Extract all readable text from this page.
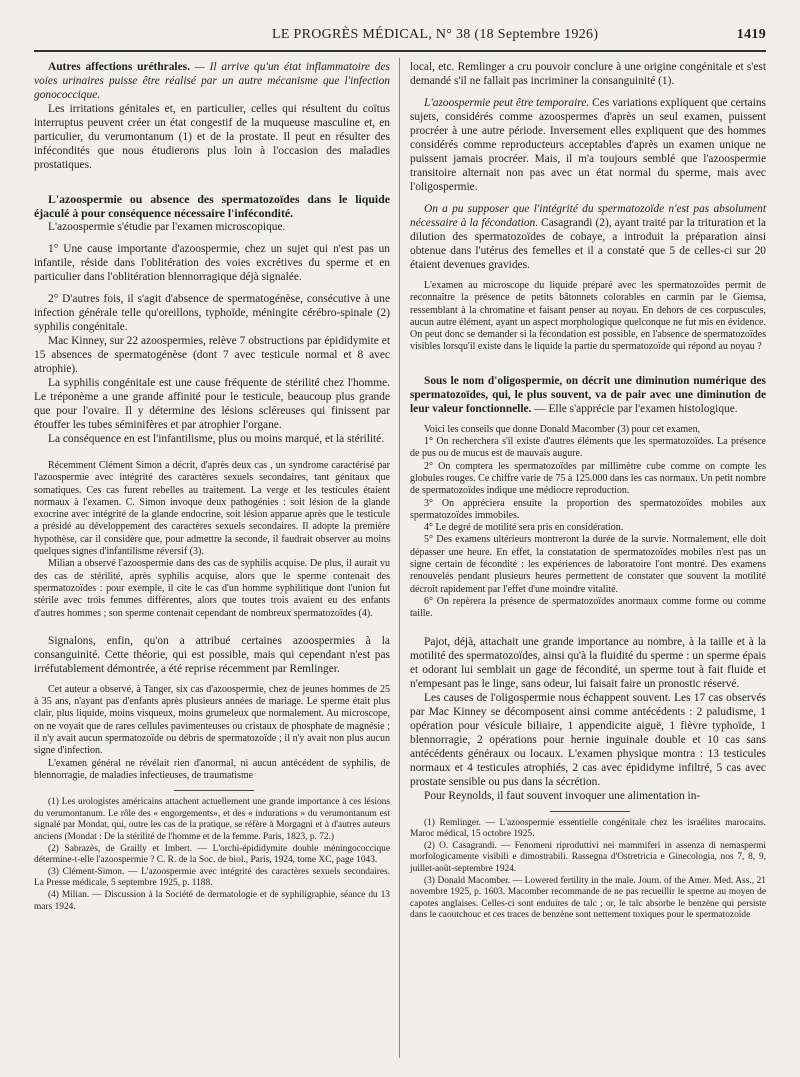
LE PROGRÈS MÉDICAL, N° 38 (18 Septembre 1926)	1419

Autres affections uréthrales. — Il arrive qu'un état inflammatoire des voies urinaires puisse être réalisé par un autre mécanisme que l'infection gonococcique.

Les irritations génitales et, en particulier, celles qui résultent du coïtus interruptus peuvent créer un état congestif de la muqueuse masculine et, en particulier, du verumontanum (1) et de la prostate. Il peut en résulter des infécondités que nous étudierons plus loin à l'occasion des maladies prostatiques.

L'azoospermie ou absence des spermatozoïdes dans le liquide éjaculé à pour conséquence nécessaire l'infécondité.

L'azoospermie s'étudie par l'examen microscopique.

1° Une cause importante d'azoospermie, chez un sujet qui n'est pas un infantile, réside dans l'oblitération des voies excrétives du sperme et en particulier dans l'oblitération blennorragique déjà signalée.

2° D'autres fois, il s'agit d'absence de spermatogénèse, consécutive à une infection générale telle qu'oreillons, typhoïde, méningite cérébro-spinale (2) syphilis congénitale.

Mac Kinney, sur 22 azoospermies, relève 7 obstructions par épididymite et 15 absences de spermatogénèse (dont 7 avec testicule normal et 8 avec atrophie).

La syphilis congénitale est une cause fréquente de stérilité chez l'homme. Le tréponème a une grande affinité pour le testicule, beaucoup plus grande que pour l'ovaire. Il y détermine des lésions scléreuses qui finissent par étouffer les tubes séminifères et par atrophier l'organe.

La conséquence en est l'infantilisme, plus ou moins marqué, et la stérilité.

Récemment Clément Simon a décrit, d'après deux cas , un syndrome caractérisé par l'azoospermie avec intégrité des caractères sexuels secondaires, tant génitaux que somatiques. Ces cas furent rebelles au traitement. La verge et les testicules étaient normaux à l'examen. C. Simon invoque deux pathogénies : soit lésion de la glande exocrine avec intégrité de la glande endocrine, soit lésion apparue après que le testicule a présidé au développement des caractères sexuels secondaires. Il adopte la première hypothèse, car il considère que, pour admettre la seconde, il faudrait observer au moins quelques signes d'infantilisme réversif (3).

Milian a observé l'azoospermie dans des cas de syphilis acquise. De plus, il aurait vu des cas de stérilité, après syphilis acquise, alors que le sperme contenait des spermatozoïdes : pour exemple, il cite le cas d'un homme syphilitique dont l'union fut stérile avec trois femmes différentes, alors que toutes trois avaient eu des enfants d'autres hommes ; son sperme contenait cependant de nombreux spermatozoïdes (4).

Signalons, enfin, qu'on a attribué certaines azoospermies à la consanguinité. Cette théorie, qui est possible, mais qui cependant n'est pas irréfutablement démontrée, a été reprise récemment par Remlinger.

Cet auteur a observé, à Tanger, six cas d'azoospermie, chez de jeunes hommes de 25 à 35 ans, n'ayant pas d'enfants après plusieurs années de mariage. Le sperme était plus clair, plus liquide, moins visqueux, moins grumeleux que normalement. Au microscope, on ne voyait que de rares cellules pavimenteuses ou cristaux de phosphate de magnésie ; il n'y avait aucun spermatozoïde ou débris de spermatozoïde ; il n'y avait non plus aucun signe d'infection.

L'examen général ne révélait rien d'anormal, ni aucun antécédent de syphilis, de blennorragie, de maladies infectieuses, de traumatisme

(1) Les urologistes américains attachent actuellement une grande importance à ces lésions du verumontanum. Le rôle des « engorgements», et des « indurations » du verumontanum est signalé par Mondat, qui, outre les cas de la pratique, se réfère à Morgagni et à d'autres auteurs anciens (Mondat : De la stérilité de l'homme et de la femme. Paris, 1823, p. 72.)

(2) Sabrazès, de Grailly et Imbert. — L'orchi-épididymite double méningococcique détermine-t-elle l'azoospermie ? C. R. de la Soc. de biol., Paris, 1924, tome XC, page 1043.

(3) Clément-Simon. — L'azoospermie avec intégrité des caractères sexuels secondaires. La Presse médicale, 5 septembre 1925, p. 1188.

(4) Milian. — Discussion à la Société de dermatologie et de syphiligraphie, séance du 13 mars 1924.

local, etc. Remlinger a cru pouvoir conclure à une origine congénitale et s'est demandé s'il ne fallait pas incriminer la consanguinité (1).

L'azoospermie peut être temporaire. Ces variations expliquent que certains sujets, considérés comme azoospermes d'après un seul examen, puissent procréer à une autre période. Inversement elles expliquent que des hommes considérés comme reproducteurs acceptables d'après un examen unique ne puissent jamais procréer. Mais, il m'a toujours semblé que l'azoospermie transitoire alternait non pas avec un état normal du sperme, mais avec l'oligospermie.

On a pu supposer que l'intégrité du spermatozoïde n'est pas absolument nécessaire à la fécondation. Casagrandi (2), ayant traité par la trituration et la dilution des spermatozoïdes de cobaye, a introduit la préparation ainsi obtenue dans l'utérus des femelles et il a constaté que 5 de celles-ci sur 20 étaient devenues gravides.

L'examen au microscope du liquide préparé avec les spermatozoïdes permit de reconnaître la présence de petits bâtonnets colorables en carmin par le Giemsa, ressemblant à la chromatine et faisant penser au noyau. En dehors de ces corpuscules, aucun autre élément, ayant un aspect morphologique quelconque ne fut mis en évidence. On peut donc se demander si la fécondation est possible, en l'absence de spermatozoïdes visibles lorsqu'il existe dans le liquide la partie du spermatozoïde qui répond au noyau ?

Sous le nom d'oligospermie, on décrit une diminution numérique des spermatozoïdes, qui, le plus souvent, va de pair avec une diminution de leur valeur fonctionnelle. — Elle s'apprécie par l'examen histologique.

Voici les conseils que donne Donald Macomber (3) pour cet examen,

1° On recherchera s'il existe d'autres éléments que les spermatozoïdes. La présence de pus ou de mucus est de mauvais augure.

2° On comptera les spermatozoïdes par millimètre cube comme on compte les globules rouges. Ce chiffre varie de 75 à 125.000 dans les cas normaux. Un petit nombre de spermatozoïdes indique une médiocre reproduction.

3° On appréciera ensuite la proportion des spermatozoïdes mobiles aux spermatozoïdes immobiles.

4° Le degré de motilité sera pris en considération.

5° Des examens ultérieurs montreront la durée de la survie. Normalement, elle doit dépasser une heure. En effet, la constatation de spermatozoïdes mobiles n'est pas un signe certain de fécondité : les expériences de laboratoire l'ont montré. Des examens renouvelés pendant plusieurs heures permettent de constater que souvent la motilité décroît rapidement par l'effet d'une moindre vitalité.

6° On repèrera la présence de spermatozoïdes anormaux comme forme ou comme taille.

Pajot, déjà, attachait une grande importance au nombre, à la taille et à la motilité des spermatozoïdes, ainsi qu'à la fluidité du sperme : un sperme épais et odorant lui semblait un gage de fécondité, un sperme tout à fait fluide et n'empesant pas le linge, sans odeur, lui faisait faire un pronostic réservé.

Les causes de l'oligospermie nous échappent souvent. Les 17 cas observés par Mac Kinney se décomposent ainsi comme antécédents : 2 paludisme, 1 opération pour vésicule biliaire, 1 appendicite aiguë, 1 fièvre typhoïde, 1 blennorragie, 2 opérations pour hernie inguinale double et 10 cas sans antécédents généraux ou locaux. L'examen physique montra : 13 testicules normaux et 4 testicules atrophiés, 2 cas avec épididyme infiltré, 5 cas avec prostate sensible ou pus dans la sécrétion.

Pour Reynolds, il faut souvent invoquer une alimentation in-

(1) Remlinger. — L'azoospermie essentielle congénitale chez les israélites marocains. Maroc médical, 15 octobre 1925.

(2) O. Casagrandi. — Fenomeni riproduttivi nei mammiferi in assenza di nemaspermi morfologicamente visibili e dimostrabili. Rassegna d'Ostretricia e Ginecologia, nos 7, 8, 9, juillet-août-septembre 1924.

(3) Donald Macomber. — Lowered fertility in the male. Journ. of the Amer. Med. Ass., 21 novembre 1925, p. 1603. Macomber recommande de ne pas recueillir le sperme au moyen de capotes anglaises. Celles-ci sont enduites de talc ; or, le talc absorbe le benzène qui persiste dans le caoutchouc et ces traces de benzène sont nettement toxiques pour le spermatozoïde
